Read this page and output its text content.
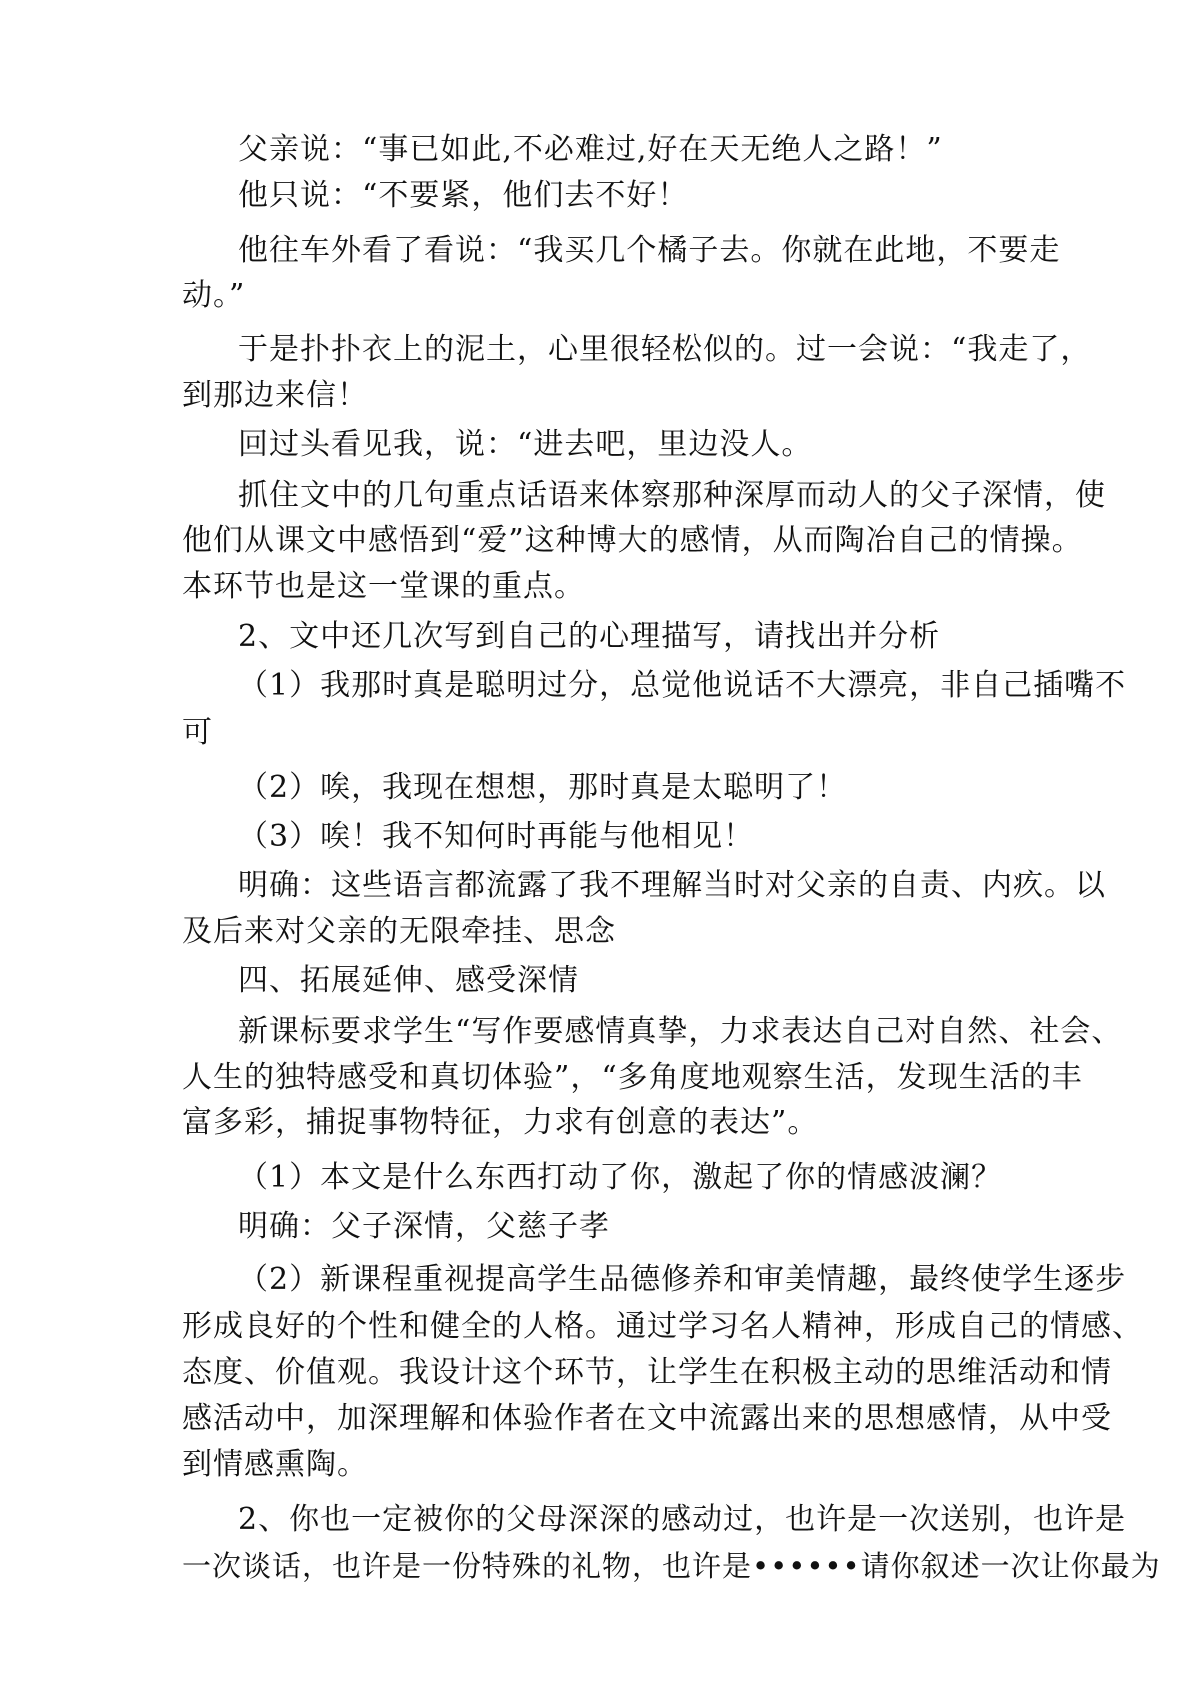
父亲说：“事已如此,不必难过,好在天无绝人之路！”
他只说：“不要紧，他们去不好！
他往车外看了看说：“我买几个橘子去。你就在此地，不要走
动。”
于是扑扑衣上的泥土，心里很轻松似的。过一会说：“我走了，
到那边来信！
回过头看见我，说：“进去吧，里边没人。
抓住文中的几句重点话语来体察那种深厚而动人的父子深情，使
他们从课文中感悟到“爱”这种博大的感情，从而陶冶自己的情操。
本环节也是这一堂课的重点。
2、文中还几次写到自己的心理描写，请找出并分析
（1）我那时真是聪明过分，总觉他说话不大漂亮，非自己插嘴不
可
（2）唉，我现在想想，那时真是太聪明了！
（3）唉！我不知何时再能与他相见！
明确：这些语言都流露了我不理解当时对父亲的自责、内疚。以
及后来对父亲的无限牵挂、思念
四、拓展延伸、感受深情
新课标要求学生“写作要感情真挚，力求表达自己对自然、社会、
人生的独特感受和真切体验”，“多角度地观察生活，发现生活的丰
富多彩，捕捉事物特征，力求有创意的表达”。
（1）本文是什么东西打动了你，激起了你的情感波澜？
明确：父子深情，父慈子孝
（2）新课程重视提高学生品德修养和审美情趣，最终使学生逐步
形成良好的个性和健全的人格。通过学习名人精神，形成自己的情感、
态度、价值观。我设计这个环节，让学生在积极主动的思维活动和情
感活动中，加深理解和体验作者在文中流露出来的思想感情，从中受
到情感熏陶。
2、你也一定被你的父母深深的感动过，也许是一次送别，也许是
一次谈话，也许是一份特殊的礼物，也许是••••••请你叙述一次让你最为
